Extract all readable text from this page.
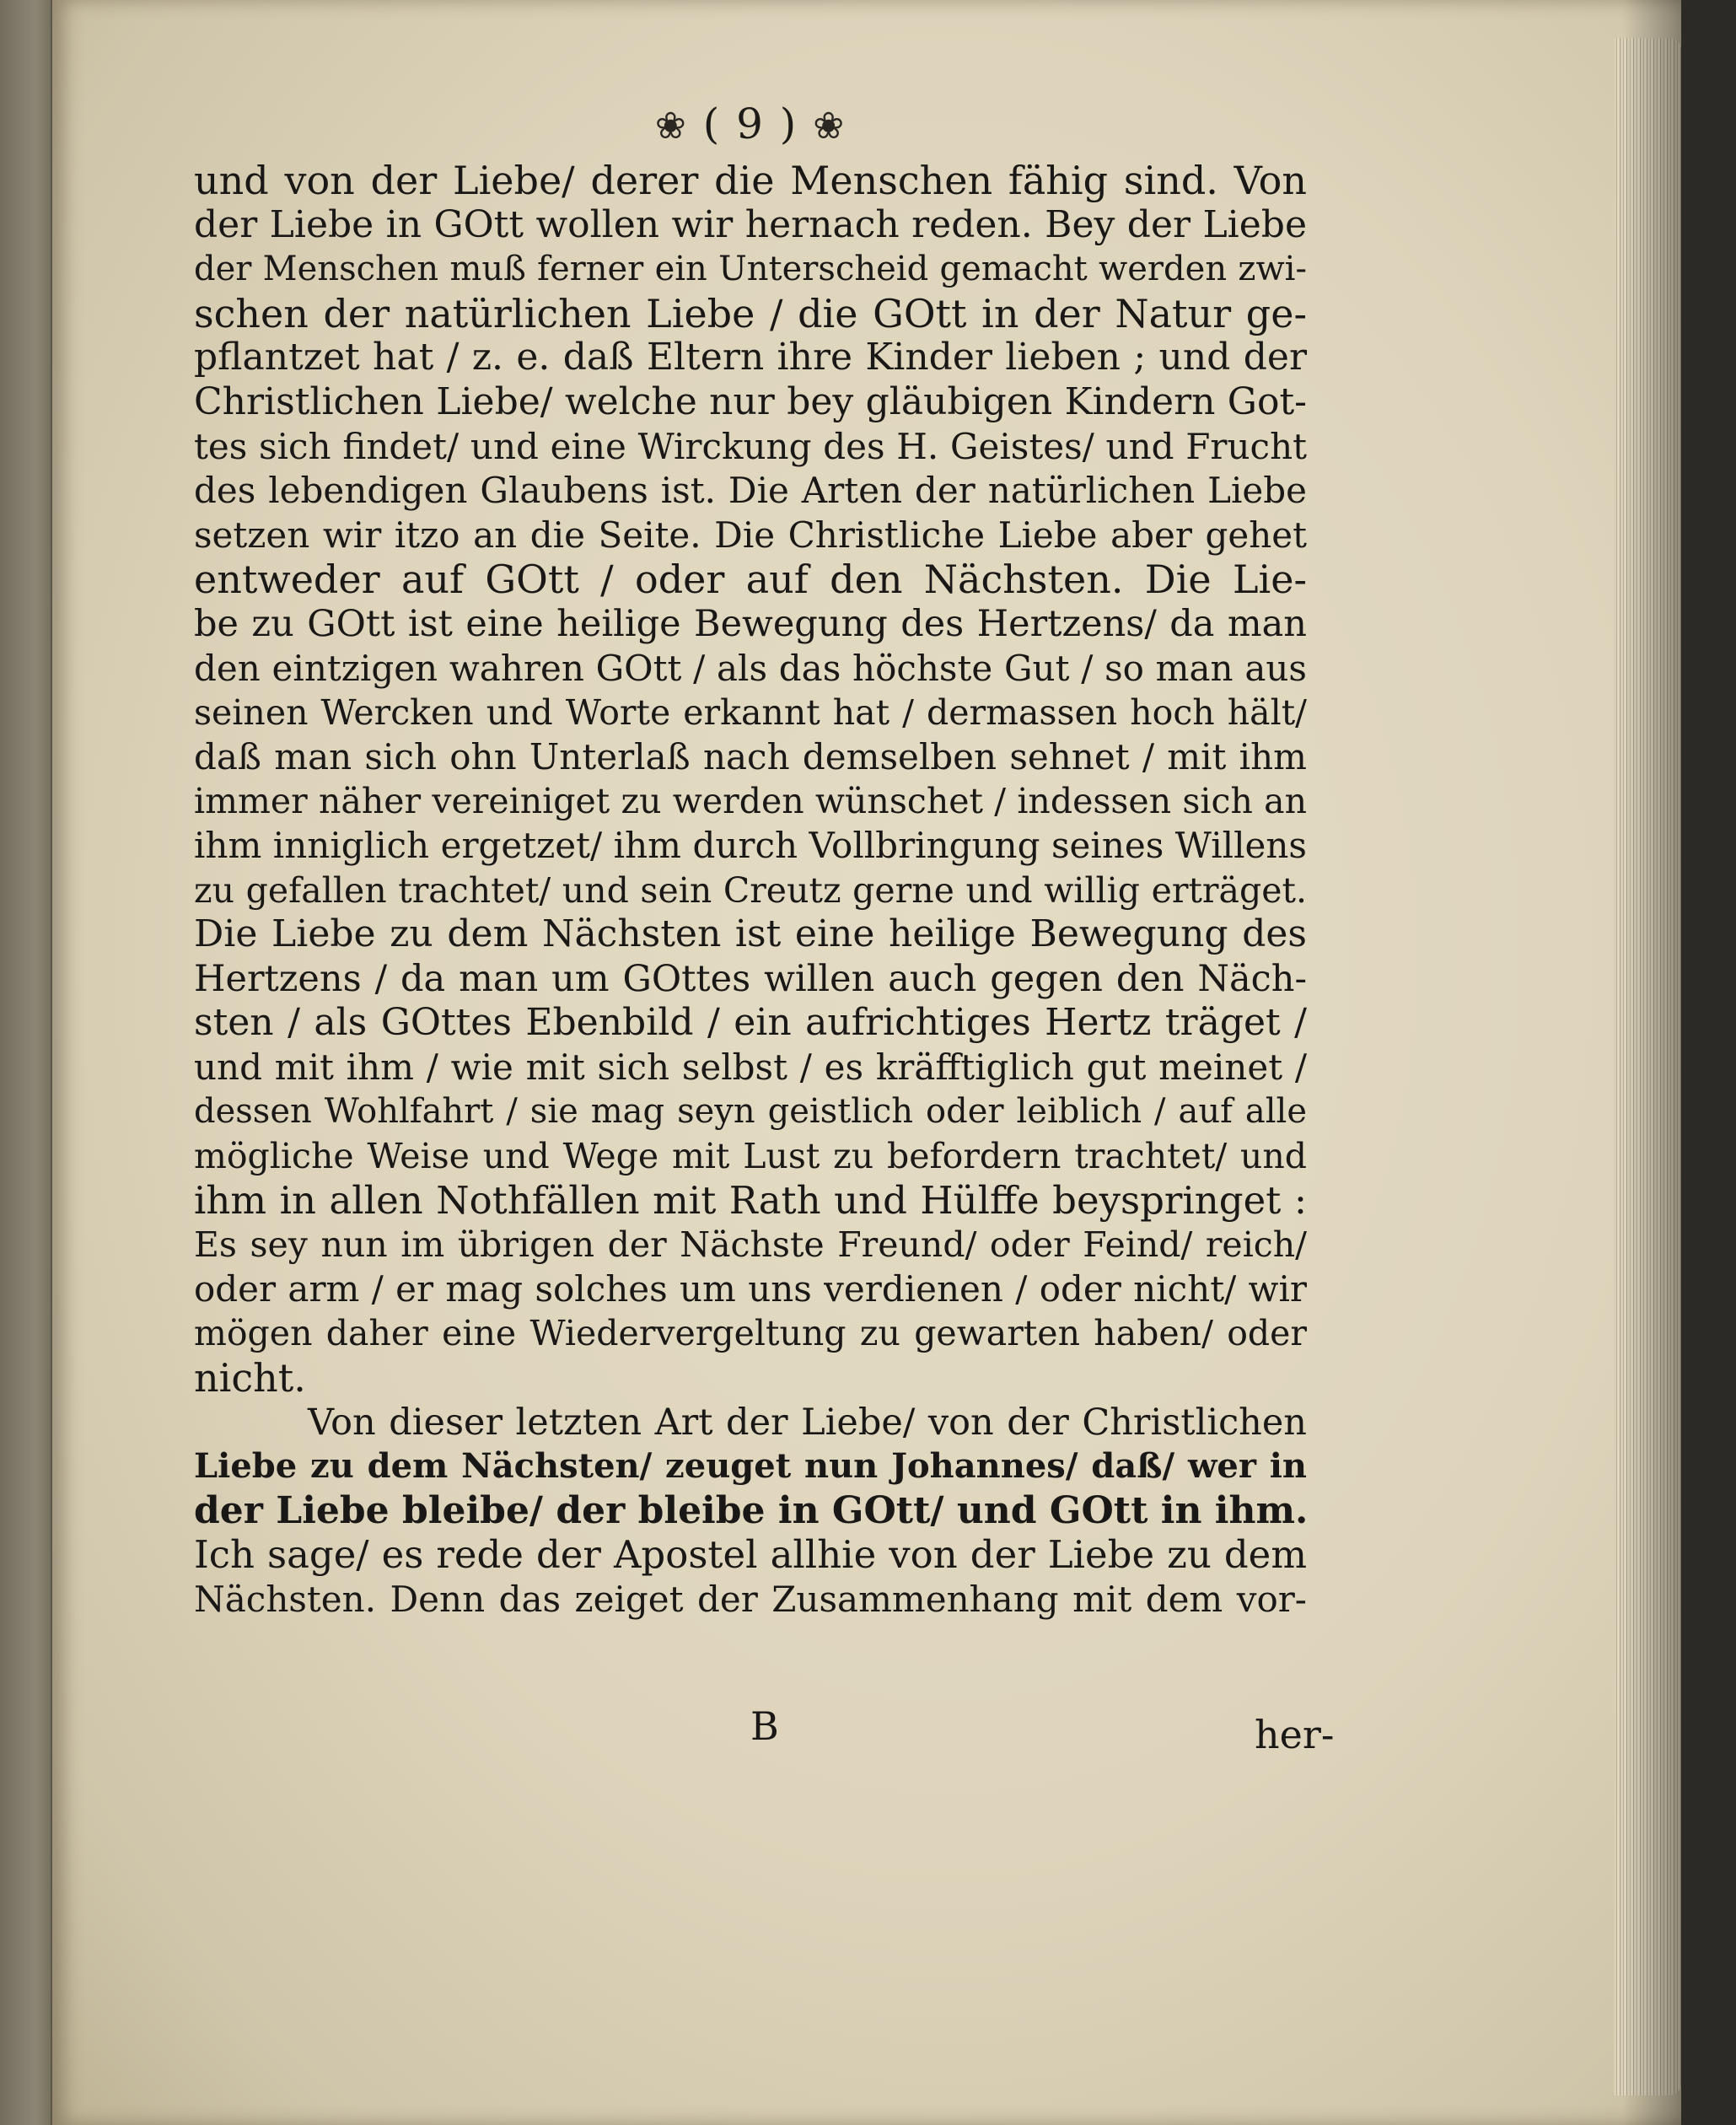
❀ ( 9 ) ❀
und von der Liebe/ derer die Menschen fähig sind. Von
der Liebe in GOtt wollen wir hernach reden. Bey der Liebe
der Menschen muß ferner ein Unterscheid gemacht werden zwi-
schen der natürlichen Liebe / die GOtt in der Natur ge-
pflantzet hat / z. e. daß Eltern ihre Kinder lieben ; und der
Christlichen Liebe/ welche nur bey gläubigen Kindern Got-
tes sich findet/ und eine Wirckung des H. Geistes/ und Frucht
des lebendigen Glaubens ist. Die Arten der natürlichen Liebe
setzen wir itzo an die Seite. Die Christliche Liebe aber gehet
entweder auf GOtt / oder auf den Nächsten. Die Lie-
be zu GOtt ist eine heilige Bewegung des Hertzens/ da man
den eintzigen wahren GOtt / als das höchste Gut / so man aus
seinen Wercken und Worte erkannt hat / dermassen hoch hält/
daß man sich ohn Unterlaß nach demselben sehnet / mit ihm
immer näher vereiniget zu werden wünschet / indessen sich an
ihm inniglich ergetzet/ ihm durch Vollbringung seines Willens
zu gefallen trachtet/ und sein Creutz gerne und willig erträget.
Die Liebe zu dem Nächsten ist eine heilige Bewegung des
Hertzens / da man um GOttes willen auch gegen den Näch-
sten / als GOttes Ebenbild / ein aufrichtiges Hertz träget /
und mit ihm / wie mit sich selbst / es kräfftiglich gut meinet /
dessen Wohlfahrt / sie mag seyn geistlich oder leiblich / auf alle
mögliche Weise und Wege mit Lust zu befordern trachtet/ und
ihm in allen Nothfällen mit Rath und Hülffe beyspringet :
Es sey nun im übrigen der Nächste Freund/ oder Feind/ reich/
oder arm / er mag solches um uns verdienen / oder nicht/ wir
mögen daher eine Wiedervergeltung zu gewarten haben/ oder
nicht.
Von dieser letzten Art der Liebe/ von der Christlichen
Liebe zu dem Nächsten/ zeuget nun Johannes/ daß/ wer in
der Liebe bleibe/ der bleibe in GOtt/ und GOtt in ihm.
Ich sage/ es rede der Apostel allhie von der Liebe zu dem
Nächsten. Denn das zeiget der Zusammenhang mit dem vor-
B	her-
